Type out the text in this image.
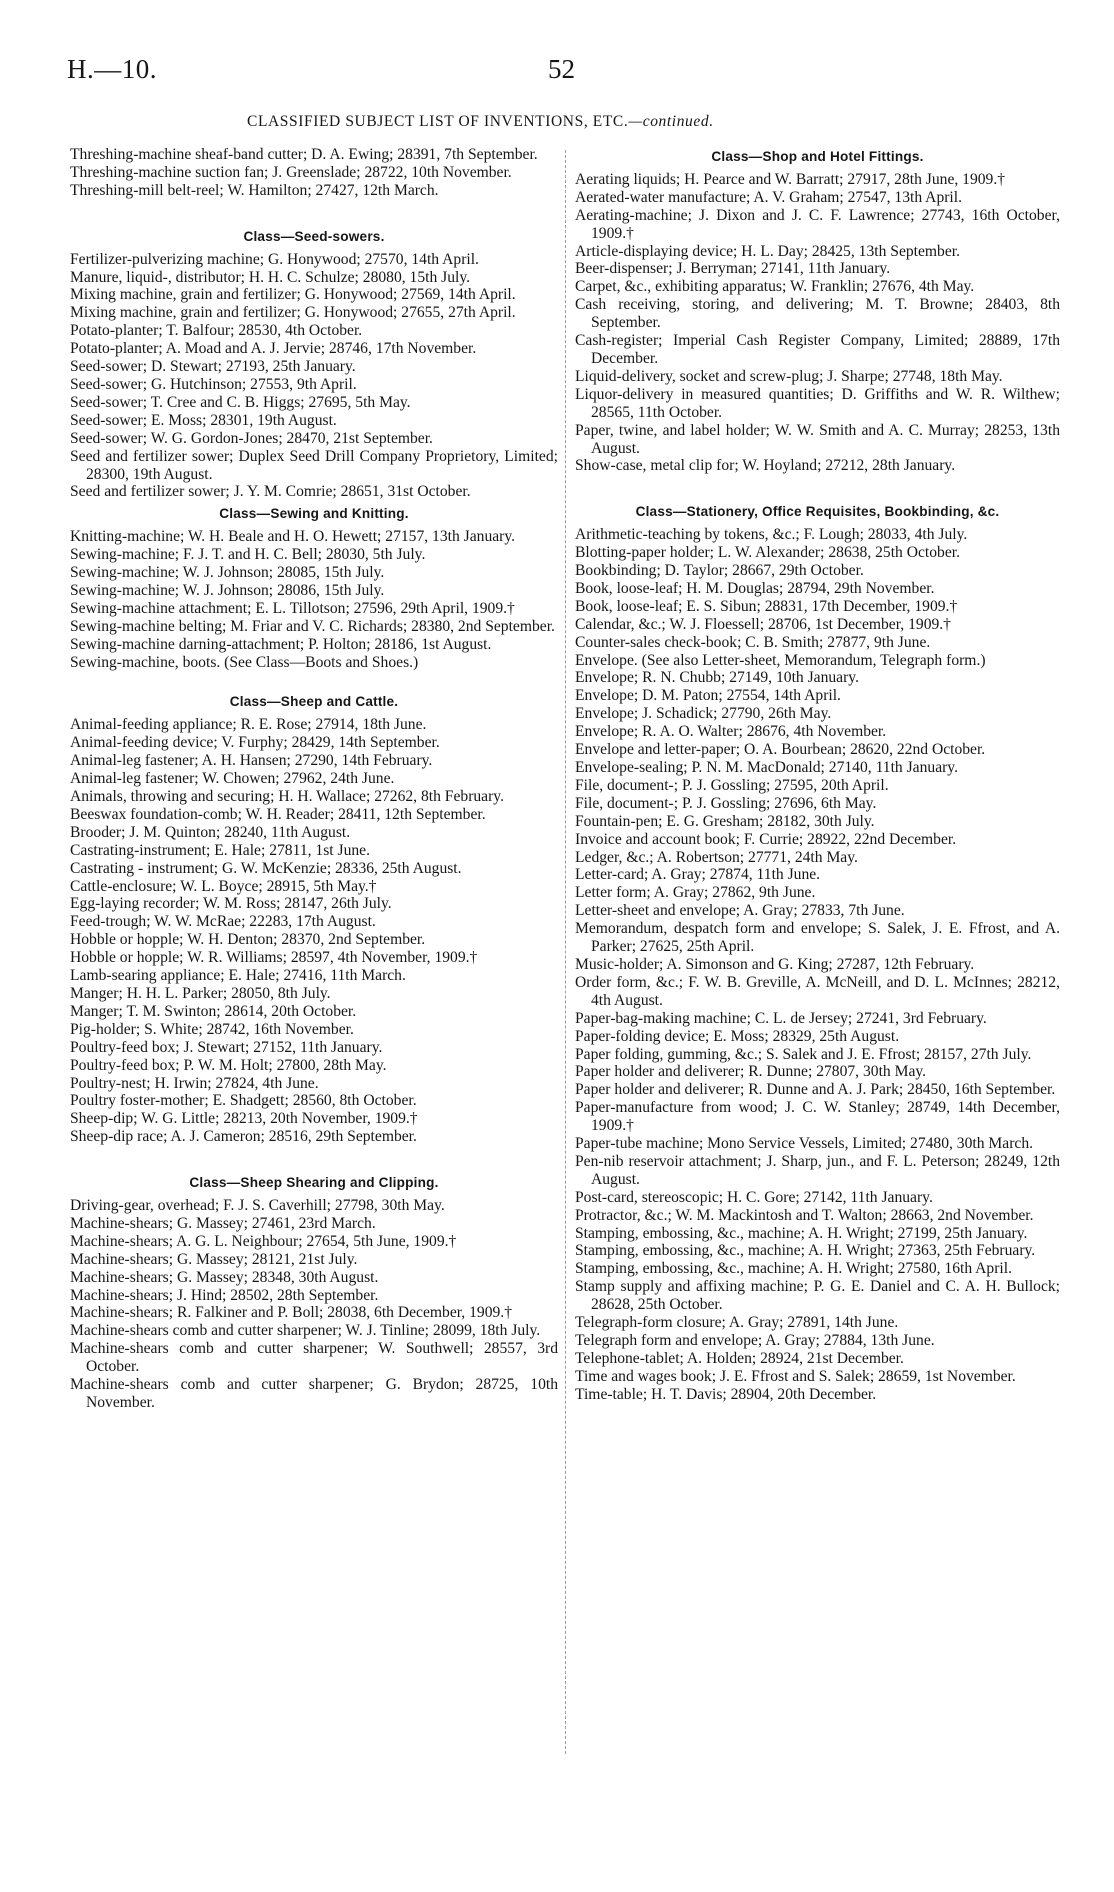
H.—10.	52
CLASSIFIED SUBJECT LIST OF INVENTIONS, ETC.—continued.

Threshing-machine sheaf-band cutter; D. A. Ewing; 28391, 7th September.

Threshing-machine suction fan; J. Greenslade; 28722, 10th November.

Threshing-mill belt-reel; W. Hamilton; 27427, 12th March.

Class—Seed-sowers.

Fertilizer-pulverizing machine; G. Honywood; 27570, 14th April.

Manure, liquid-, distributor; H. H. C. Schulze; 28080, 15th July.

Mixing machine, grain and fertilizer; G. Honywood; 27569, 14th April.

Mixing machine, grain and fertilizer; G. Honywood; 27655, 27th April.

Potato-planter; T. Balfour; 28530, 4th October.

Potato-planter; A. Moad and A. J. Jervie; 28746, 17th November.

Seed-sower; D. Stewart; 27193, 25th January.

Seed-sower; G. Hutchinson; 27553, 9th April.

Seed-sower; T. Cree and C. B. Higgs; 27695, 5th May.

Seed-sower; E. Moss; 28301, 19th August.

Seed-sower; W. G. Gordon-Jones; 28470, 21st September.

Seed and fertilizer sower; Duplex Seed Drill Company Proprietory, Limited; 28300, 19th August.

Seed and fertilizer sower; J. Y. M. Comrie; 28651, 31st October.

Class—Sewing and Knitting.

Knitting-machine; W. H. Beale and H. O. Hewett; 27157, 13th January.

Sewing-machine; F. J. T. and H. C. Bell; 28030, 5th July.

Sewing-machine; W. J. Johnson; 28085, 15th July.

Sewing-machine; W. J. Johnson; 28086, 15th July.

Sewing-machine attachment; E. L. Tillotson; 27596, 29th April, 1909.†

Sewing-machine belting; M. Friar and V. C. Richards; 28380, 2nd September.

Sewing-machine darning-attachment; P. Holton; 28186, 1st August.

Sewing-machine, boots. (See Class—Boots and Shoes.)

Class—Sheep and Cattle.

Animal-feeding appliance; R. E. Rose; 27914, 18th June.

Animal-feeding device; V. Furphy; 28429, 14th September.

Animal-leg fastener; A. H. Hansen; 27290, 14th February.

Animal-leg fastener; W. Chowen; 27962, 24th June.

Animals, throwing and securing; H. H. Wallace; 27262, 8th February.

Beeswax foundation-comb; W. H. Reader; 28411, 12th September.

Brooder; J. M. Quinton; 28240, 11th August.

Castrating-instrument; E. Hale; 27811, 1st June.

Castrating - instrument; G. W. McKenzie; 28336, 25th August.

Cattle-enclosure; W. L. Boyce; 28915, 5th May.†

Egg-laying recorder; W. M. Ross; 28147, 26th July.

Feed-trough; W. W. McRae; 22283, 17th August.

Hobble or hopple; W. H. Denton; 28370, 2nd September.

Hobble or hopple; W. R. Williams; 28597, 4th November, 1909.†

Lamb-searing appliance; E. Hale; 27416, 11th March.

Manger; H. H. L. Parker; 28050, 8th July.

Manger; T. M. Swinton; 28614, 20th October.

Pig-holder; S. White; 28742, 16th November.

Poultry-feed box; J. Stewart; 27152, 11th January.

Poultry-feed box; P. W. M. Holt; 27800, 28th May.

Poultry-nest; H. Irwin; 27824, 4th June.

Poultry foster-mother; E. Shadgett; 28560, 8th October.

Sheep-dip; W. G. Little; 28213, 20th November, 1909.†

Sheep-dip race; A. J. Cameron; 28516, 29th September.

Class—Sheep Shearing and Clipping.

Driving-gear, overhead; F. J. S. Caverhill; 27798, 30th May.

Machine-shears; G. Massey; 27461, 23rd March.

Machine-shears; A. G. L. Neighbour; 27654, 5th June, 1909.†

Machine-shears; G. Massey; 28121, 21st July.

Machine-shears; G. Massey; 28348, 30th August.

Machine-shears; J. Hind; 28502, 28th September.

Machine-shears; R. Falkiner and P. Boll; 28038, 6th December, 1909.†

Machine-shears comb and cutter sharpener; W. J. Tinline; 28099, 18th July.

Machine-shears comb and cutter sharpener; W. Southwell; 28557, 3rd October.

Machine-shears comb and cutter sharpener; G. Brydon; 28725, 10th November.

Class—Shop and Hotel Fittings.

Aerating liquids; H. Pearce and W. Barratt; 27917, 28th June, 1909.†

Aerated-water manufacture; A. V. Graham; 27547, 13th April.

Aerating-machine; J. Dixon and J. C. F. Lawrence; 27743, 16th October, 1909.†

Article-displaying device; H. L. Day; 28425, 13th September.

Beer-dispenser; J. Berryman; 27141, 11th January.

Carpet, &c., exhibiting apparatus; W. Franklin; 27676, 4th May.

Cash receiving, storing, and delivering; M. T. Browne; 28403, 8th September.

Cash-register; Imperial Cash Register Company, Limited; 28889, 17th December.

Liquid-delivery, socket and screw-plug; J. Sharpe; 27748, 18th May.

Liquor-delivery in measured quantities; D. Griffiths and W. R. Wilthew; 28565, 11th October.

Paper, twine, and label holder; W. W. Smith and A. C. Murray; 28253, 13th August.

Show-case, metal clip for; W. Hoyland; 27212, 28th January.

Class—Stationery, Office Requisites, Bookbinding, &c.

Arithmetic-teaching by tokens, &c.; F. Lough; 28033, 4th July.

Blotting-paper holder; L. W. Alexander; 28638, 25th October.

Bookbinding; D. Taylor; 28667, 29th October.

Book, loose-leaf; H. M. Douglas; 28794, 29th November.

Book, loose-leaf; E. S. Sibun; 28831, 17th December, 1909.†

Calendar, &c.; W. J. Floessell; 28706, 1st December, 1909.†

Counter-sales check-book; C. B. Smith; 27877, 9th June.

Envelope. (See also Letter-sheet, Memorandum, Telegraph form.)

Envelope; R. N. Chubb; 27149, 10th January.

Envelope; D. M. Paton; 27554, 14th April.

Envelope; J. Schadick; 27790, 26th May.

Envelope; R. A. O. Walter; 28676, 4th November.

Envelope and letter-paper; O. A. Bourbean; 28620, 22nd October.

Envelope-sealing; P. N. M. MacDonald; 27140, 11th January.

File, document-; P. J. Gossling; 27595, 20th April.

File, document-; P. J. Gossling; 27696, 6th May.

Fountain-pen; E. G. Gresham; 28182, 30th July.

Invoice and account book; F. Currie; 28922, 22nd December.

Ledger, &c.; A. Robertson; 27771, 24th May.

Letter-card; A. Gray; 27874, 11th June.

Letter form; A. Gray; 27862, 9th June.

Letter-sheet and envelope; A. Gray; 27833, 7th June.

Memorandum, despatch form and envelope; S. Salek, J. E. Ffrost, and A. Parker; 27625, 25th April.

Music-holder; A. Simonson and G. King; 27287, 12th February.

Order form, &c.; F. W. B. Greville, A. McNeill, and D. L. McInnes; 28212, 4th August.

Paper-bag-making machine; C. L. de Jersey; 27241, 3rd February.

Paper-folding device; E. Moss; 28329, 25th August.

Paper folding, gumming, &c.; S. Salek and J. E. Ffrost; 28157, 27th July.

Paper holder and deliverer; R. Dunne; 27807, 30th May.

Paper holder and deliverer; R. Dunne and A. J. Park; 28450, 16th September.

Paper-manufacture from wood; J. C. W. Stanley; 28749, 14th December, 1909.†

Paper-tube machine; Mono Service Vessels, Limited; 27480, 30th March.

Pen-nib reservoir attachment; J. Sharp, jun., and F. L. Peterson; 28249, 12th August.

Post-card, stereoscopic; H. C. Gore; 27142, 11th January.

Protractor, &c.; W. M. Mackintosh and T. Walton; 28663, 2nd November.

Stamping, embossing, &c., machine; A. H. Wright; 27199, 25th January.

Stamping, embossing, &c., machine; A. H. Wright; 27363, 25th February.

Stamping, embossing, &c., machine; A. H. Wright; 27580, 16th April.

Stamp supply and affixing machine; P. G. E. Daniel and C. A. H. Bullock; 28628, 25th October.

Telegraph-form closure; A. Gray; 27891, 14th June.

Telegraph form and envelope; A. Gray; 27884, 13th June.

Telephone-tablet; A. Holden; 28924, 21st December.

Time and wages book; J. E. Ffrost and S. Salek; 28659, 1st November.

Time-table; H. T. Davis; 28904, 20th December.
